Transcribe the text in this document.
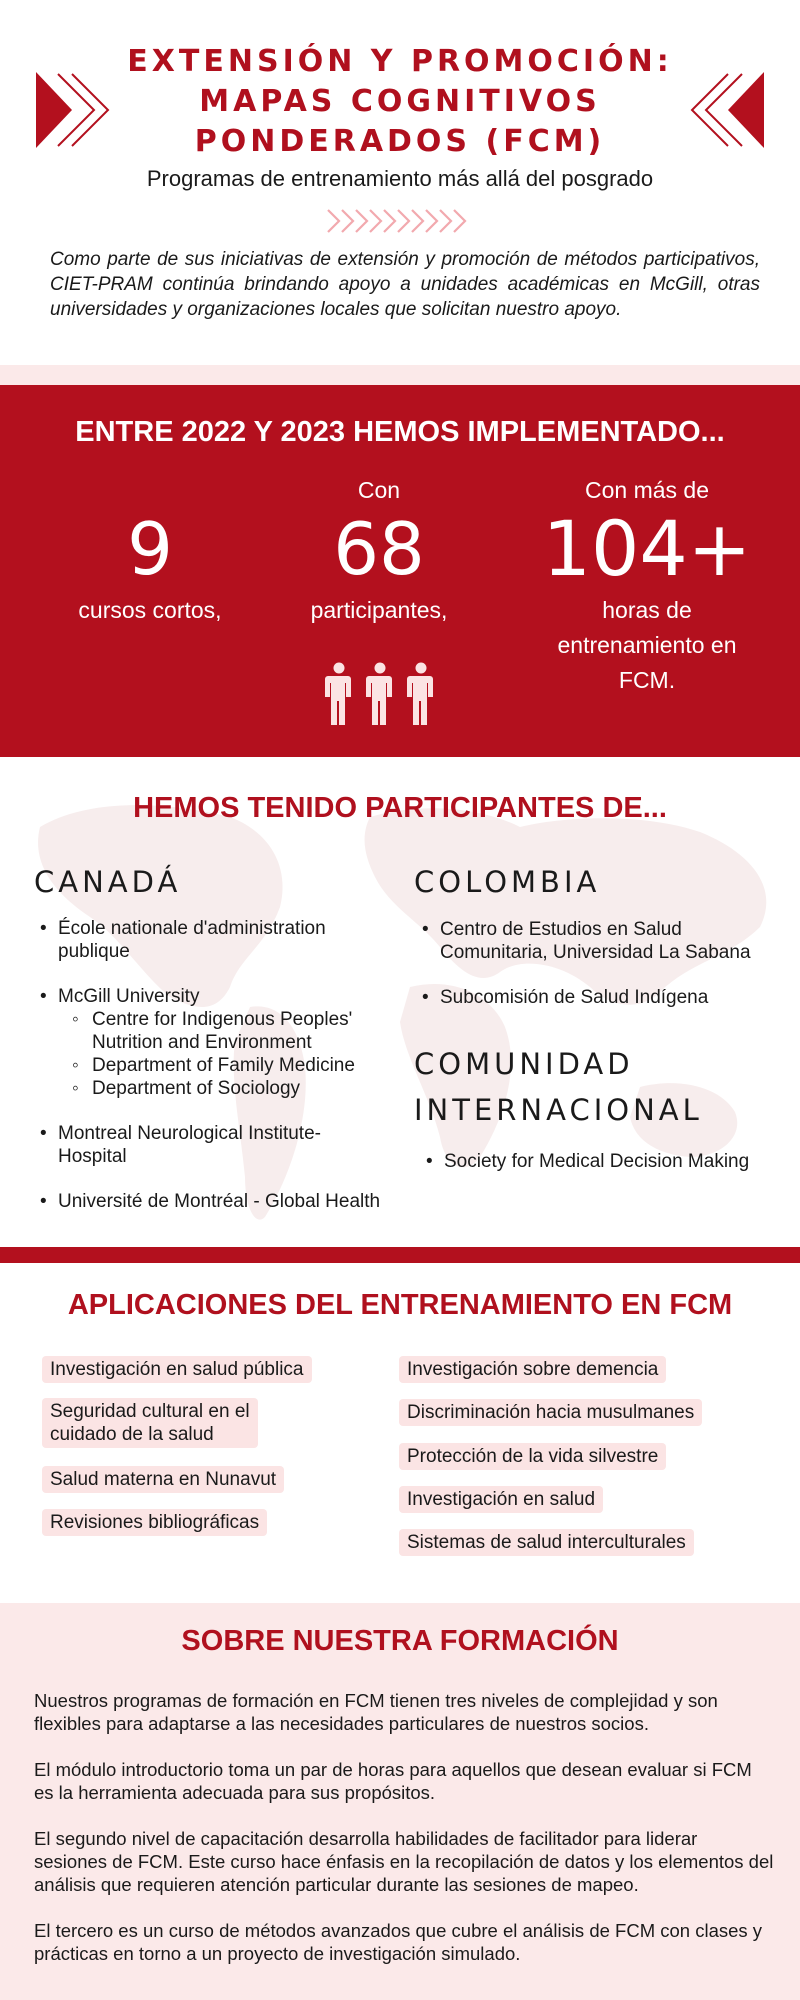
EXTENSIÓN Y PROMOCIÓN:
MAPAS COGNITIVOS
PONDERADOS (FCM)
Programas de entrenamiento más allá del posgrado

Como parte de sus iniciativas de extensión y promoción de métodos participativos, CIET-PRAM continúa brindando apoyo a unidades académicas en McGill, otras universidades y organizaciones locales que solicitan nuestro apoyo.

ENTRE 2022 Y 2023 HEMOS IMPLEMENTADO...
9
cursos cortos,
Con
68
participantes,
Con más de
104+
horas de
entrenamiento en
FCM.
HEMOS TENIDO PARTICIPANTES DE...
CANADÁ
• École nationale d'administration
publique
• McGill University
◦ Centre for Indigenous Peoples'
Nutrition and Environment
◦ Department of Family Medicine
◦ Department of Sociology
• Montreal Neurological Institute-
Hospital
• Université de Montréal - Global Health
COLOMBIA
• Centro de Estudios en Salud
Comunitaria, Universidad La Sabana
• Subcomisión de Salud Indígena
COMUNIDAD
INTERNACIONAL
• Society for Medical Decision Making
APLICACIONES DEL ENTRENAMIENTO EN FCM
Investigación en salud pública
Seguridad cultural en el
cuidado de la salud
Salud materna en Nunavut
Revisiones bibliográficas
Investigación sobre demencia
Discriminación hacia musulmanes
Protección de la vida silvestre
Investigación en salud
Sistemas de salud interculturales
SOBRE NUESTRA FORMACIÓN

Nuestros programas de formación en FCM tienen tres niveles de complejidad y son flexibles para adaptarse a las necesidades particulares de nuestros socios.

El módulo introductorio toma un par de horas para aquellos que desean evaluar si FCM es la herramienta adecuada para sus propósitos.

El segundo nivel de capacitación desarrolla habilidades de facilitador para liderar sesiones de FCM. Este curso hace énfasis en la recopilación de datos y los elementos del análisis que requieren atención particular durante las sesiones de mapeo.

El tercero es un curso de métodos avanzados que cubre el análisis de FCM con clases y prácticas en torno a un proyecto de investigación simulado.
